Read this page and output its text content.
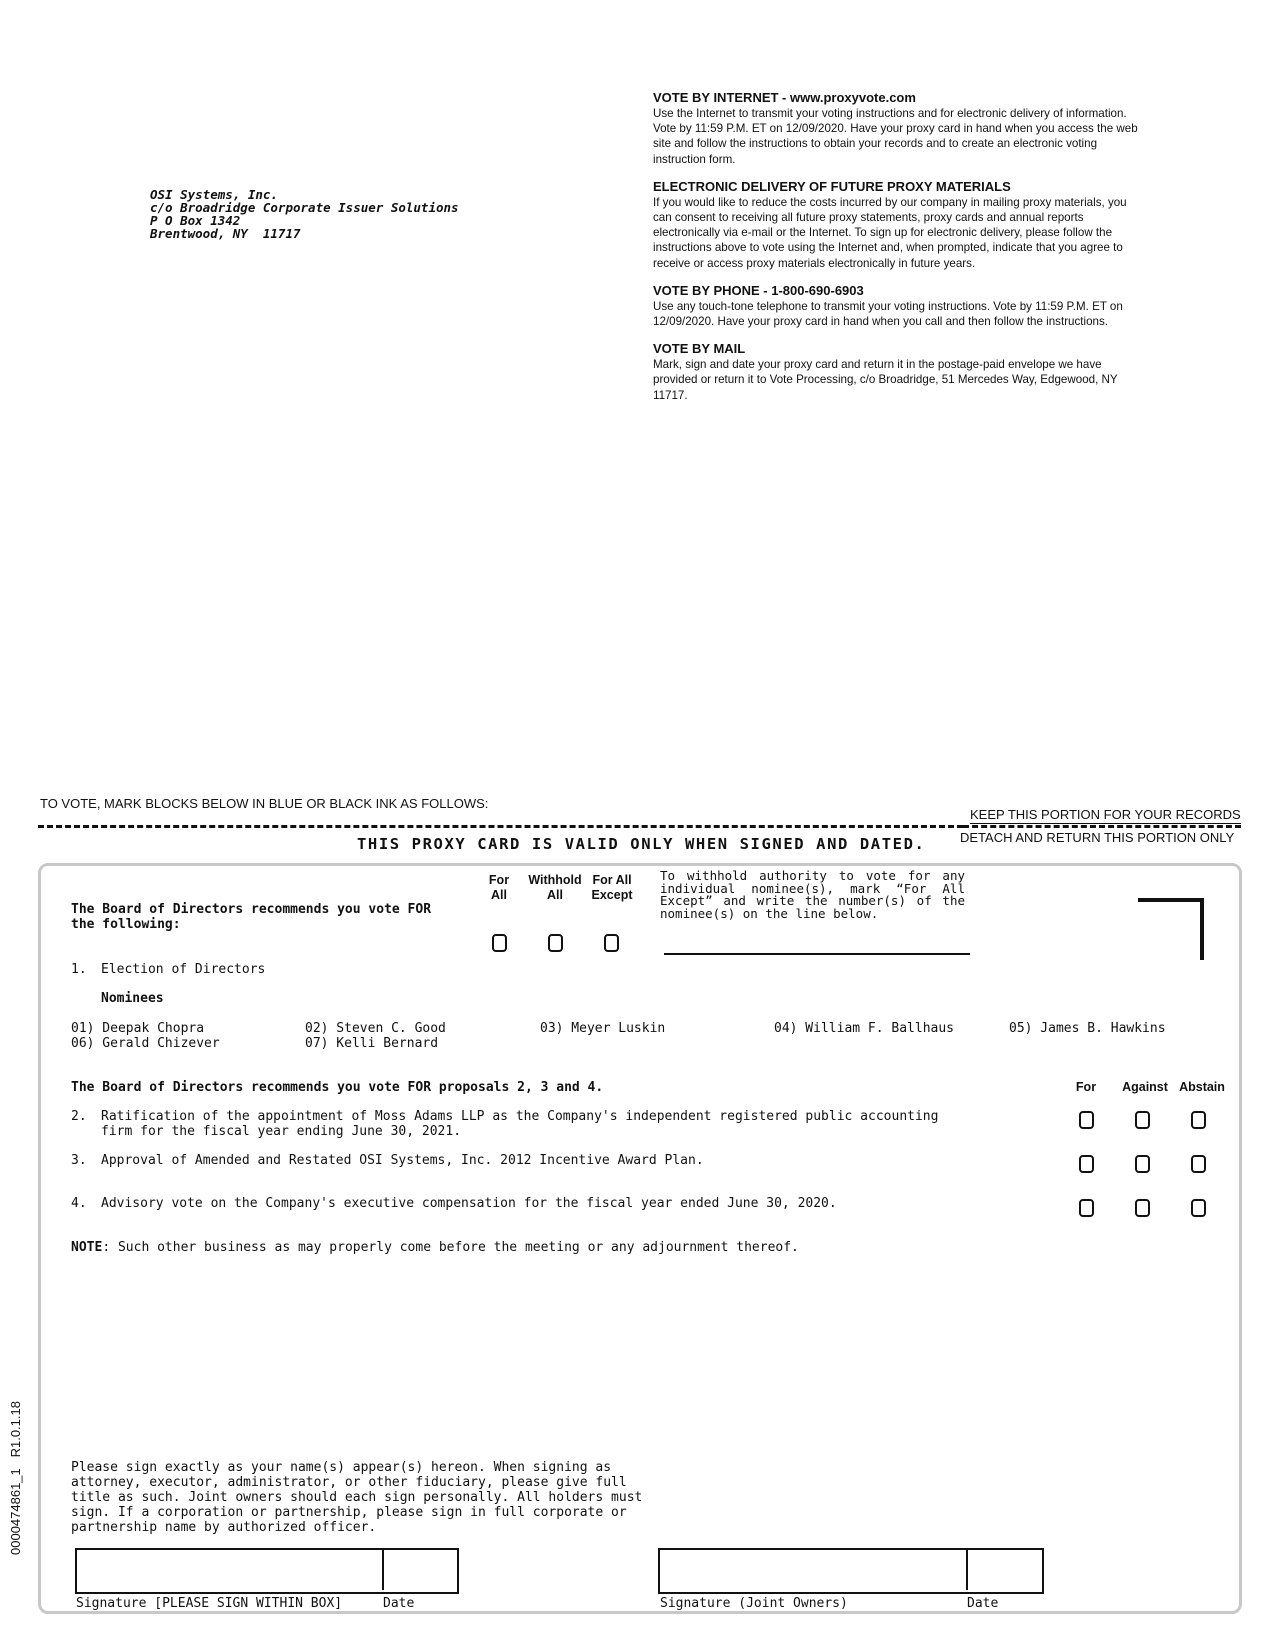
OSI Systems, Inc.
c/o Broadridge Corporate Issuer Solutions
P O Box 1342
Brentwood, NY  11717
VOTE BY INTERNET - www.proxyvote.com

Use the Internet to transmit your voting instructions and for electronic delivery of information. Vote by 11:59 P.M. ET on 12/09/2020. Have your proxy card in hand when you access the web site and follow the instructions to obtain your records and to create an electronic voting instruction form.

ELECTRONIC DELIVERY OF FUTURE PROXY MATERIALS

If you would like to reduce the costs incurred by our company in mailing proxy materials, you can consent to receiving all future proxy statements, proxy cards and annual reports electronically via e-mail or the Internet. To sign up for electronic delivery, please follow the instructions above to vote using the Internet and, when prompted, indicate that you agree to receive or access proxy materials electronically in future years.

VOTE BY PHONE - 1-800-690-6903

Use any touch-tone telephone to transmit your voting instructions. Vote by 11:59 P.M. ET on 12/09/2020. Have your proxy card in hand when you call and then follow the instructions.

VOTE BY MAIL

Mark, sign and date your proxy card and return it in the postage-paid envelope we have provided or return it to Vote Processing, c/o Broadridge, 51 Mercedes Way, Edgewood, NY 11717.

TO VOTE, MARK BLOCKS BELOW IN BLUE OR BLACK INK AS FOLLOWS:
KEEP THIS PORTION FOR YOUR RECORDS
DETACH AND RETURN THIS PORTION ONLY
THIS PROXY CARD IS VALID ONLY WHEN SIGNED AND DATED.
The Board of Directors recommends you vote FOR
the following:
For
All
Withhold
All
For All
Except
To withhold authority to vote for any individual nominee(s), mark “For All Except” and write the number(s) of the nominee(s) on the line below.
1. Election of Directors
Nominees
01) Deepak Chopra	02) Steven C. Good	03) Meyer Luskin	04) William F. Ballhaus	05) James B. Hawkins
06) Gerald Chizever	07) Kelli Bernard
The Board of Directors recommends you vote FOR proposals 2, 3 and 4.	For	Against Abstain
2. Ratification of the appointment of Moss Adams LLP as the Company's independent registered public accounting
firm for the fiscal year ending June 30, 2021.
3. Approval of Amended and Restated OSI Systems, Inc. 2012 Incentive Award Plan.
4. Advisory vote on the Company's executive compensation for the fiscal year ended June 30, 2020.
NOTE: Such other business as may properly come before the meeting or any adjournment thereof.
Please sign exactly as your name(s) appear(s) hereon. When signing as
attorney, executor, administrator, or other fiduciary, please give full
title as such. Joint owners should each sign personally. All holders must
sign. If a corporation or partnership, please sign in full corporate or
partnership name by authorized officer.
Signature [PLEASE SIGN WITHIN BOX]	Date	Signature (Joint Owners)	Date
0000474861_1   R1.0.1.18
